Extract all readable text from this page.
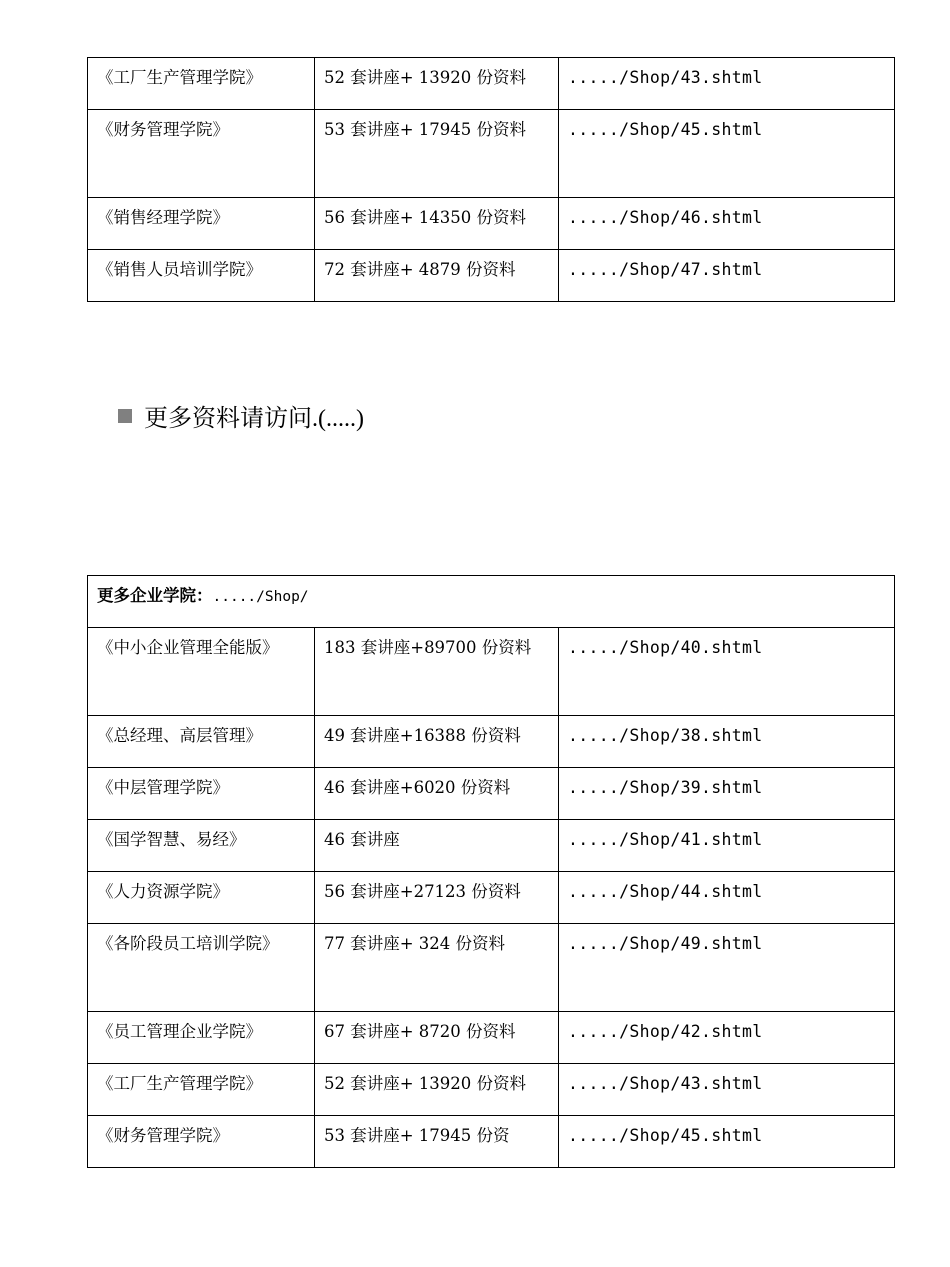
《工厂生产管理学院》	52 套讲座+ 13920 份资料	...../Shop/43.shtml
《财务管理学院》	53 套讲座+ 17945 份资料	...../Shop/45.shtml
《销售经理学院》	56 套讲座+ 14350 份资料	...../Shop/46.shtml
《销售人员培训学院》	72 套讲座+ 4879 份资料	...../Shop/47.shtml
更多资料请访问.(.....)
更多企业学院：...../Shop/		
《中小企业管理全能版》	183 套讲座+89700 份资料	...../Shop/40.shtml
《总经理、高层管理》	49 套讲座+16388 份资料	...../Shop/38.shtml
《中层管理学院》	46 套讲座+6020 份资料	...../Shop/39.shtml
《国学智慧、易经》	46 套讲座	...../Shop/41.shtml
《人力资源学院》	56 套讲座+27123 份资料	...../Shop/44.shtml
《各阶段员工培训学院》	77 套讲座+ 324 份资料	...../Shop/49.shtml
《员工管理企业学院》	67 套讲座+ 8720 份资料	...../Shop/42.shtml
《工厂生产管理学院》	52 套讲座+ 13920 份资料	...../Shop/43.shtml
《财务管理学院》	53 套讲座+ 17945 份资	...../Shop/45.shtml
